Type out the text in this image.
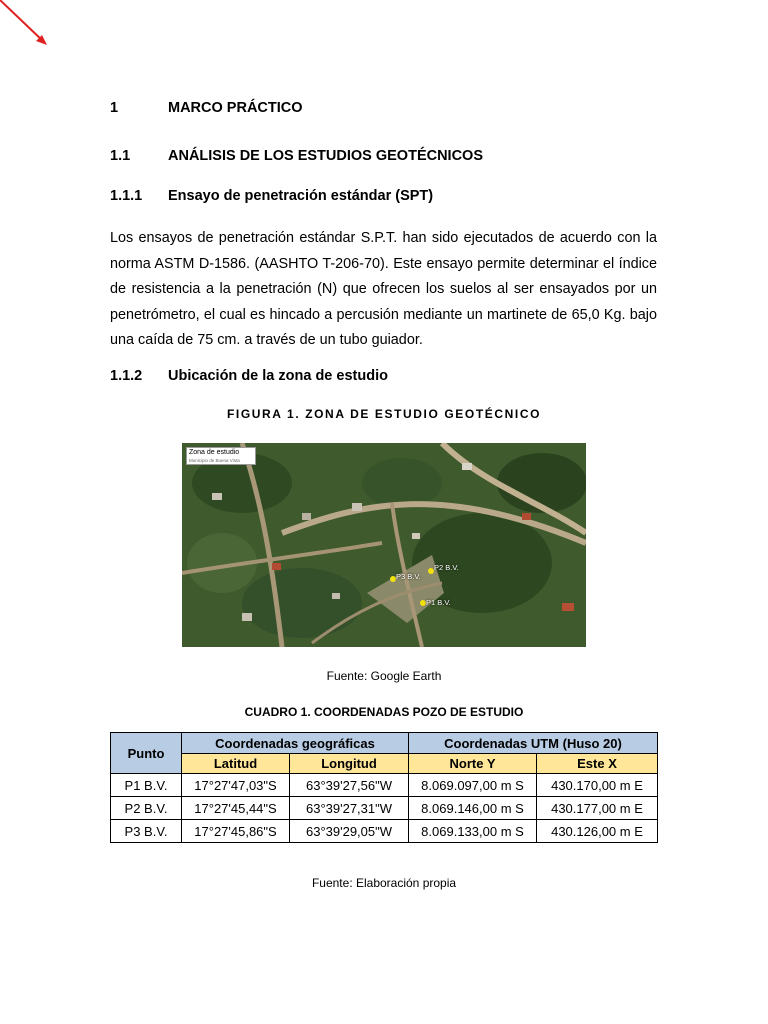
1	MARCO PRÁCTICO
1.1	ANÁLISIS DE LOS ESTUDIOS GEOTÉCNICOS
1.1.1 Ensayo de penetración estándar (SPT)

Los ensayos de penetración estándar S.P.T. han sido ejecutados de acuerdo con la norma ASTM D-1586. (AASHTO T-206-70). Este ensayo permite determinar el índice de resistencia a la penetración (N) que ofrecen los suelos al ser ensayados por un penetrómetro, el cual es hincado a percusión mediante un martinete de 65,0 Kg. bajo una caída de 75 cm. a través de un tubo guiador.

1.1.2 Ubicación de la zona de estudio
FIGURA 1. ZONA DE ESTUDIO GEOTÉCNICO
Zona de estudio
Municipio de Buena Vista
P2 B.V.
P3 B.V.
P1 B.V.
Fuente: Google Earth
CUADRO 1. COORDENADAS POZO DE ESTUDIO
Punto	Coordenadas geográficas		Coordenadas UTM (Huso 20)	
	Latitud	Longitud	Norte Y	Este X
P1 B.V.	17°27'47,03"S	63°39'27,56"W	8.069.097,00 m S	430.170,00 m E
P2 B.V.	17°27'45,44"S	63°39'27,31"W	8.069.146,00 m S	430.177,00 m E
P3 B.V.	17°27'45,86"S	63°39'29,05"W	8.069.133,00 m S	430.126,00 m E
Fuente: Elaboración propia
